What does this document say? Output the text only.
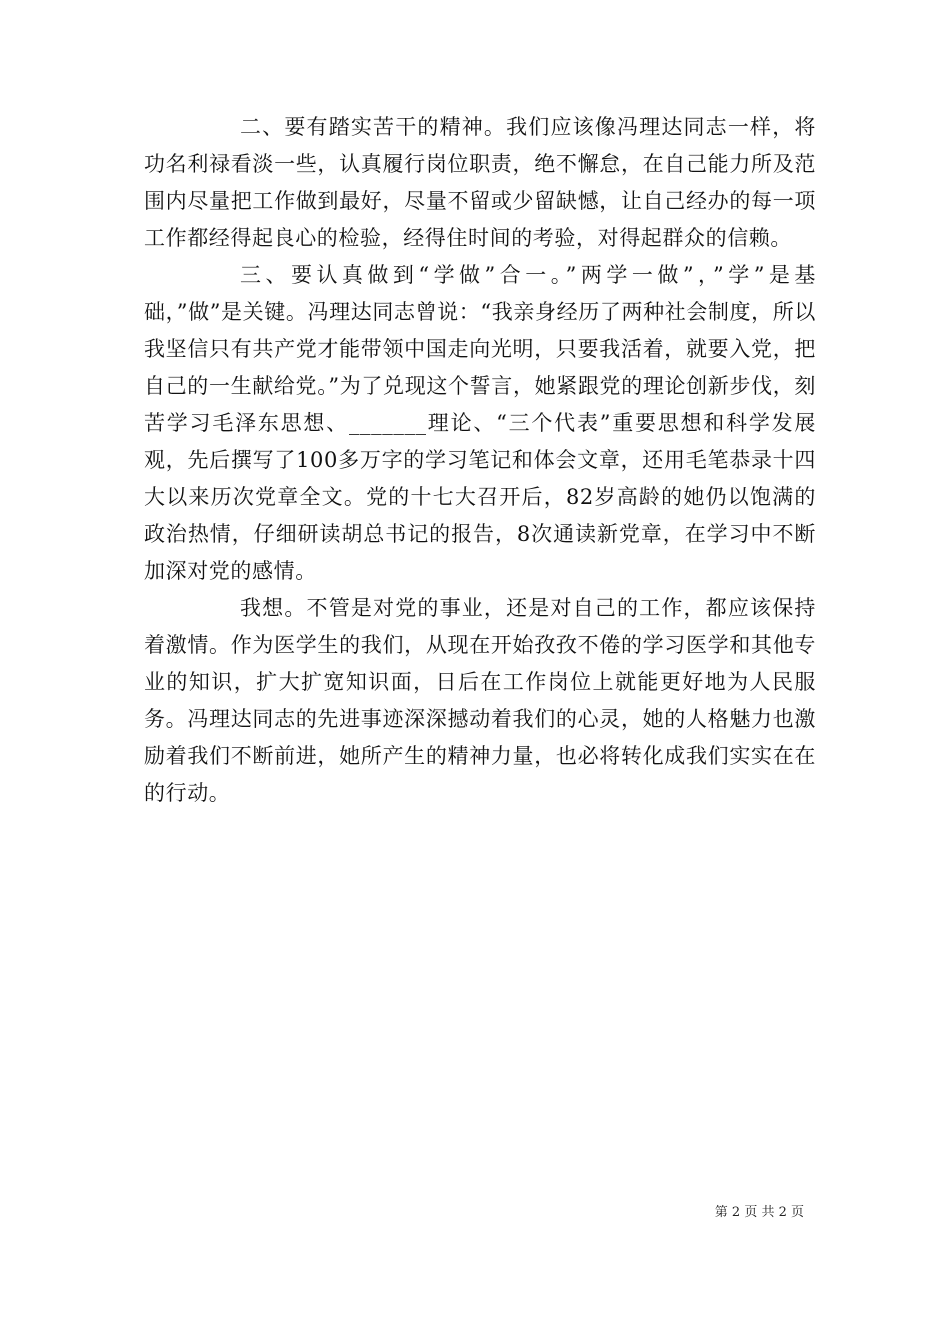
二、要有踏实苦干的精神。我们应该像冯理达同志一样，将功名利禄看淡一些，认真履行岗位职责，绝不懈怠，在自己能力所及范围内尽量把工作做到最好，尽量不留或少留缺憾，让自己经办的每一项工作都经得起良心的检验，经得住时间的考验，对得起群众的信赖。

三、要认真做到“学做”合一。”两学一做”，”学”是基础，”做”是关键。冯理达同志曾说：“我亲身经历了两种社会制度，所以我坚信只有共产党才能带领中国走向光明，只要我活着，就要入党，把自己的一生献给党。”为了兑现这个誓言，她紧跟党的理论创新步伐，刻苦学习毛泽东思想、_______理论、“三个代表”重要思想和科学发展观，先后撰写了100多万字的学习笔记和体会文章，还用毛笔恭录十四大以来历次党章全文。党的十七大召开后，82岁高龄的她仍以饱满的政治热情，仔细研读胡总书记的报告，8次通读新党章，在学习中不断加深对党的感情。

我想。不管是对党的事业，还是对自己的工作，都应该保持着激情。作为医学生的我们，从现在开始孜孜不倦的学习医学和其他专业的知识，扩大扩宽知识面，日后在工作岗位上就能更好地为人民服务。冯理达同志的先进事迹深深撼动着我们的心灵，她的人格魅力也激励着我们不断前进，她所产生的精神力量，也必将转化成我们实实在在的行动。

第 2 页 共 2 页
